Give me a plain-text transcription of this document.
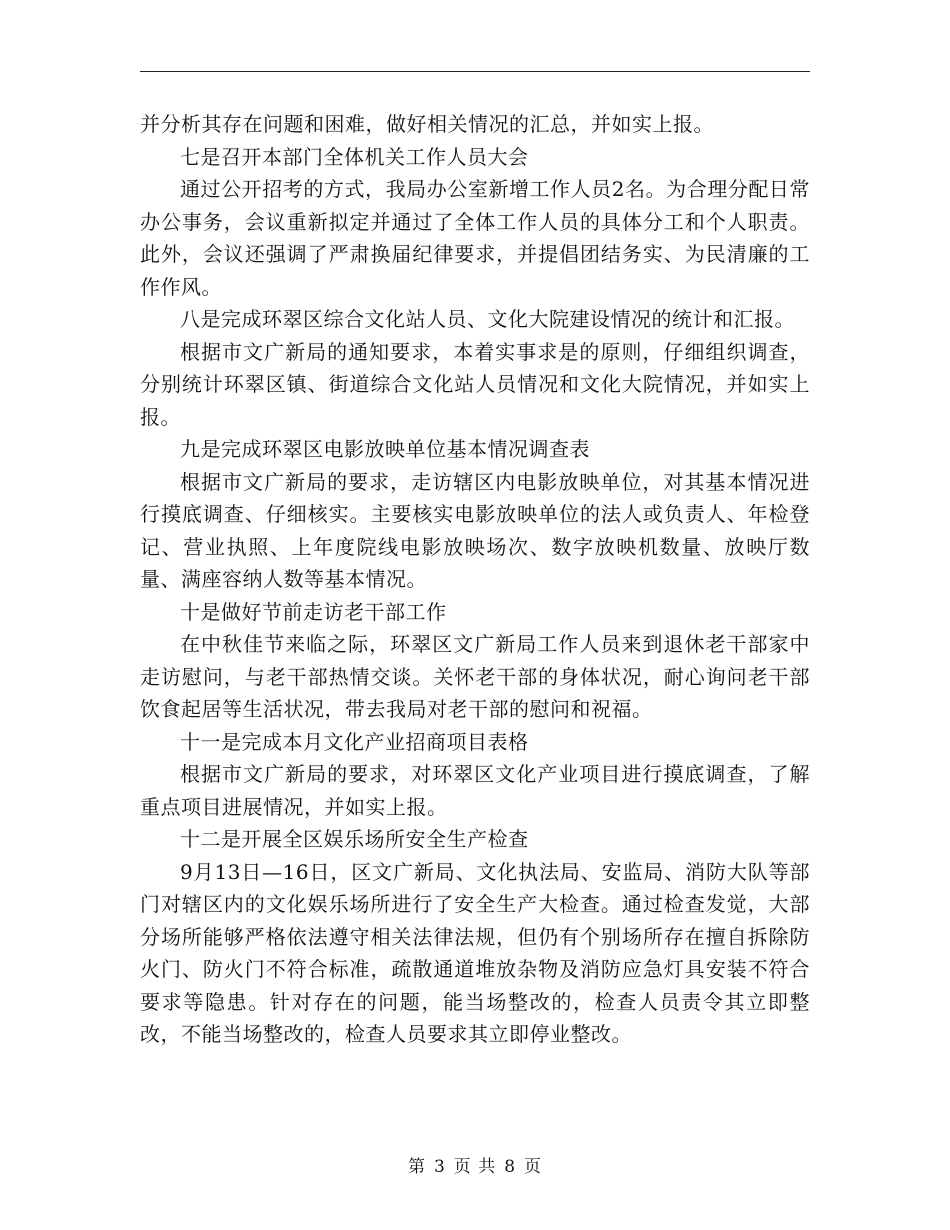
并分析其存在问题和困难，做好相关情况的汇总，并如实上报。

七是召开本部门全体机关工作人员大会

通过公开招考的方式，我局办公室新增工作人员2名。为合理分配日常办公事务，会议重新拟定并通过了全体工作人员的具体分工和个人职责。此外，会议还强调了严肃换届纪律要求，并提倡团结务实、为民清廉的工作作风。

八是完成环翠区综合文化站人员、文化大院建设情况的统计和汇报。

根据市文广新局的通知要求，本着实事求是的原则，仔细组织调查，分别统计环翠区镇、街道综合文化站人员情况和文化大院情况，并如实上报。

九是完成环翠区电影放映单位基本情况调查表

根据市文广新局的要求，走访辖区内电影放映单位，对其基本情况进行摸底调查、仔细核实。主要核实电影放映单位的法人或负责人、年检登记、营业执照、上年度院线电影放映场次、数字放映机数量、放映厅数量、满座容纳人数等基本情况。

十是做好节前走访老干部工作

在中秋佳节来临之际，环翠区文广新局工作人员来到退休老干部家中走访慰问，与老干部热情交谈。关怀老干部的身体状况，耐心询问老干部饮食起居等生活状况，带去我局对老干部的慰问和祝福。

十一是完成本月文化产业招商项目表格

根据市文广新局的要求，对环翠区文化产业项目进行摸底调查，了解重点项目进展情况，并如实上报。

十二是开展全区娱乐场所安全生产检查

9月13日—16日，区文广新局、文化执法局、安监局、消防大队等部门对辖区内的文化娱乐场所进行了安全生产大检查。通过检查发觉，大部分场所能够严格依法遵守相关法律法规，但仍有个别场所存在擅自拆除防火门、防火门不符合标准，疏散通道堆放杂物及消防应急灯具安装不符合要求等隐患。针对存在的问题，能当场整改的，检查人员责令其立即整改，不能当场整改的，检查人员要求其立即停业整改。

第 3 页 共 8 页
